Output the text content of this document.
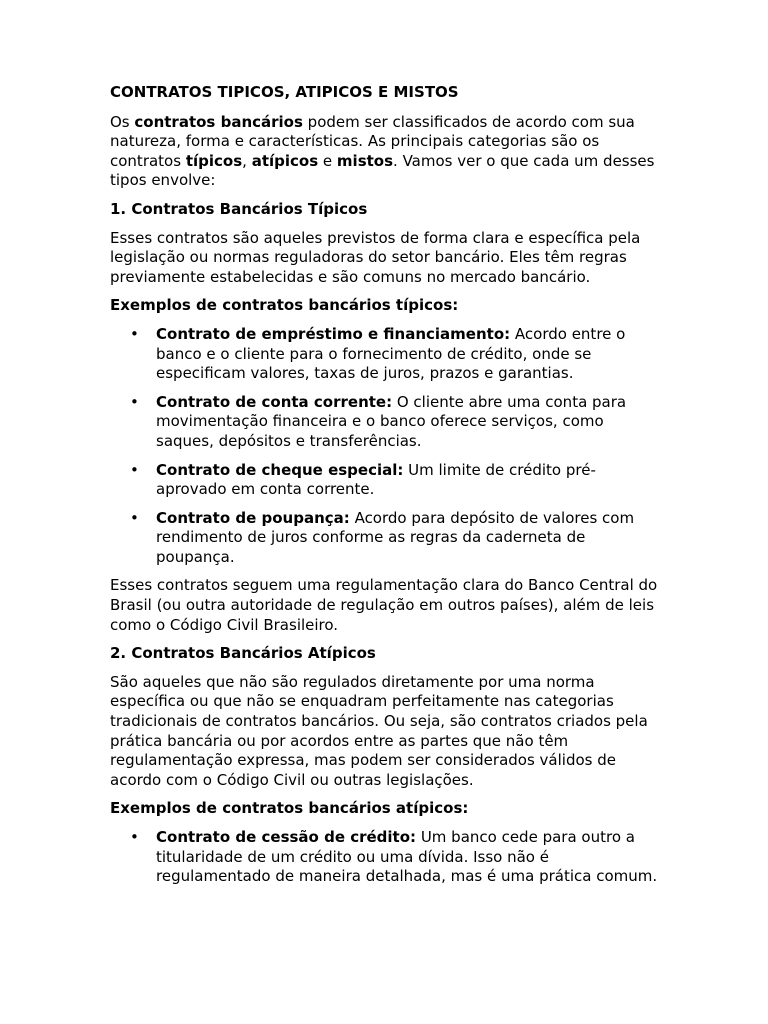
CONTRATOS TIPICOS, ATIPICOS E MISTOS

Os contratos bancários podem ser classificados de acordo com sua natureza, forma e características. As principais categorias são os contratos típicos, atípicos e mistos. Vamos ver o que cada um desses tipos envolve:

1. Contratos Bancários Típicos

Esses contratos são aqueles previstos de forma clara e específica pela legislação ou normas reguladoras do setor bancário. Eles têm regras previamente estabelecidas e são comuns no mercado bancário.

Exemplos de contratos bancários típicos:
• Contrato de empréstimo e financiamento: Acordo entre o banco e o cliente para o fornecimento de crédito, onde se especificam valores, taxas de juros, prazos e garantias.
• Contrato de conta corrente: O cliente abre uma conta para movimentação financeira e o banco oferece serviços, como saques, depósitos e transferências.
• Contrato de cheque especial: Um limite de crédito pré-aprovado em conta corrente.
• Contrato de poupança: Acordo para depósito de valores com rendimento de juros conforme as regras da caderneta de poupança.

Esses contratos seguem uma regulamentação clara do Banco Central do Brasil (ou outra autoridade de regulação em outros países), além de leis como o Código Civil Brasileiro.

2. Contratos Bancários Atípicos

São aqueles que não são regulados diretamente por uma norma específica ou que não se enquadram perfeitamente nas categorias tradicionais de contratos bancários. Ou seja, são contratos criados pela prática bancária ou por acordos entre as partes que não têm regulamentação expressa, mas podem ser considerados válidos de acordo com o Código Civil ou outras legislações.

Exemplos de contratos bancários atípicos:
• Contrato de cessão de crédito: Um banco cede para outro a titularidade de um crédito ou uma dívida. Isso não é regulamentado de maneira detalhada, mas é uma prática comum.
